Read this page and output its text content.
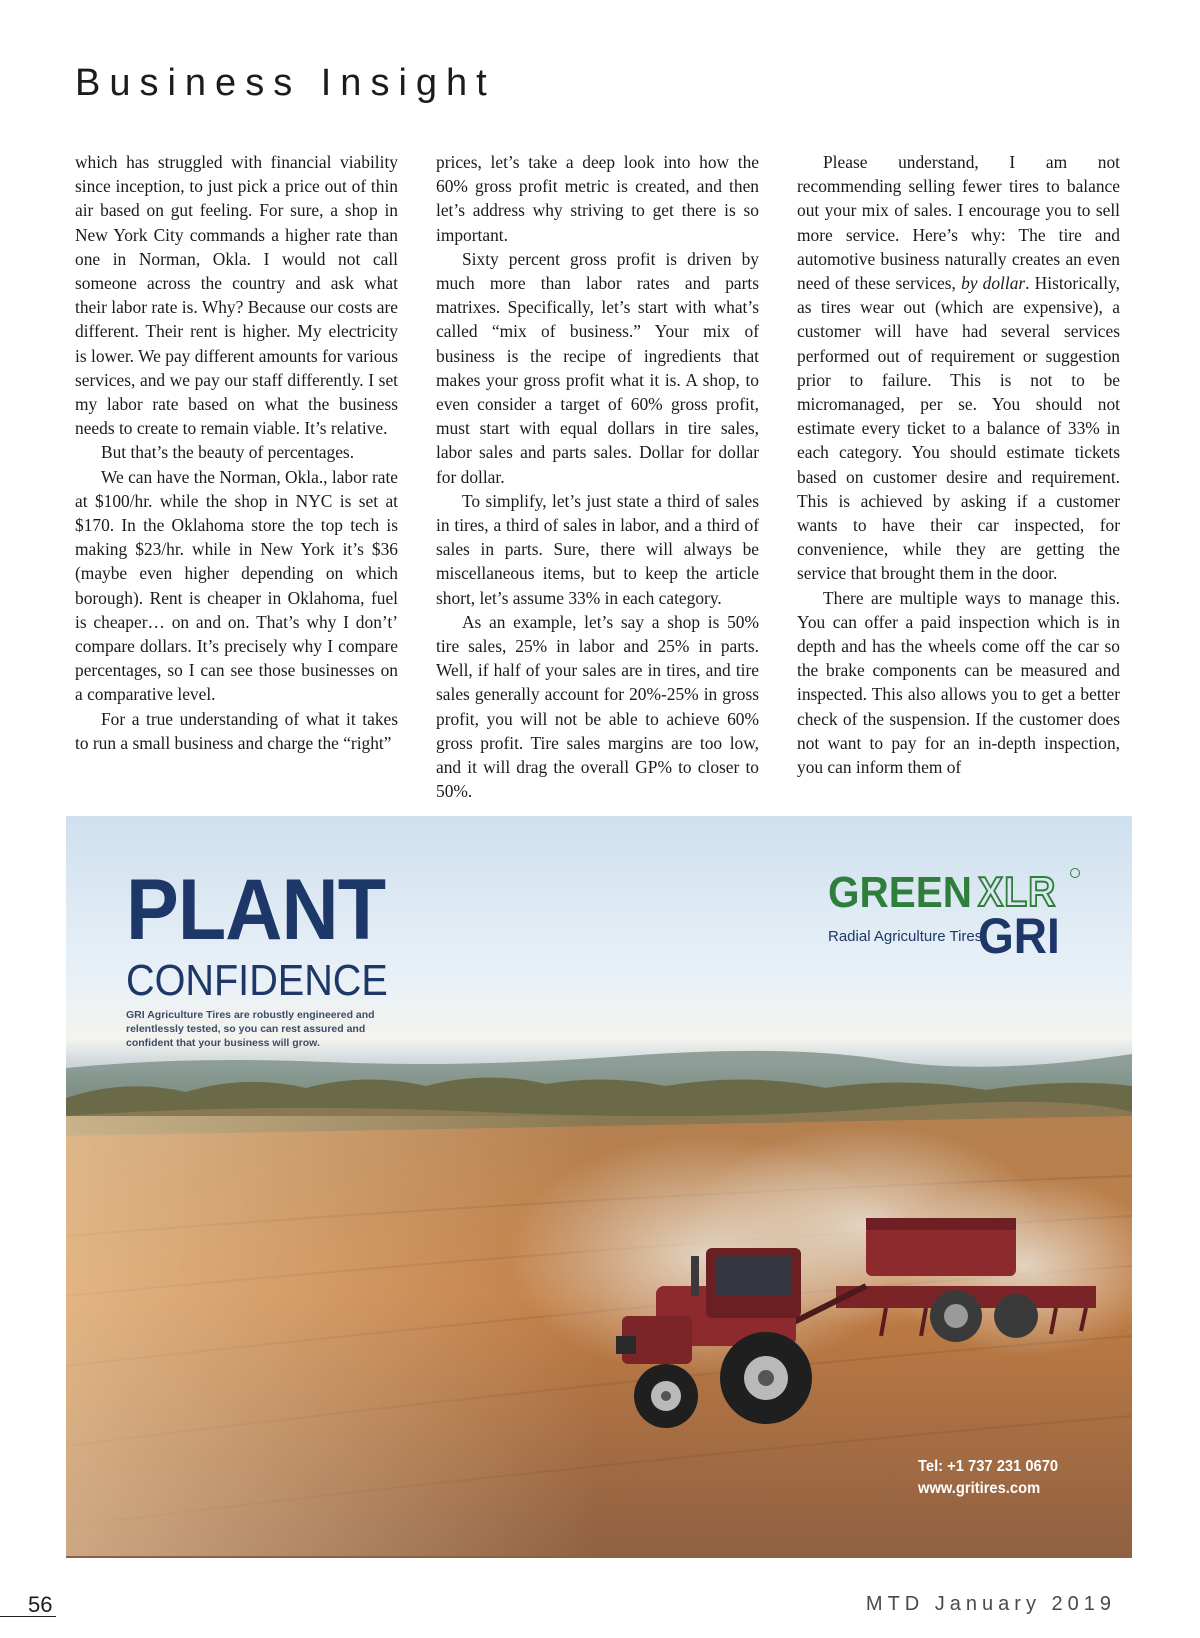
Business Insight

which has struggled with financial viability since inception, to just pick a price out of thin air based on gut feeling. For sure, a shop in New York City commands a higher rate than one in Norman, Okla. I would not call someone across the country and ask what their labor rate is. Why? Because our costs are different. Their rent is higher. My electricity is lower. We pay different amounts for various services, and we pay our staff differently. I set my labor rate based on what the business needs to create to remain viable. It’s relative.

But that’s the beauty of percentages.

We can have the Norman, Okla., labor rate at $100/hr. while the shop in NYC is set at $170. In the Oklahoma store the top tech is making $23/hr. while in New York it’s $36 (maybe even higher depending on which borough). Rent is cheaper in Oklahoma, fuel is cheaper… on and on. That’s why I don’t’ compare dollars. It’s precisely why I compare percentages, so I can see those businesses on a comparative level.

For a true understanding of what it takes to run a small business and charge the “right”

prices, let’s take a deep look into how the 60% gross profit metric is created, and then let’s address why striving to get there is so important.

Sixty percent gross profit is driven by much more than labor rates and parts matrixes. Specifically, let’s start with what’s called “mix of business.” Your mix of business is the recipe of ingredients that makes your gross profit what it is. A shop, to even consider a target of 60% gross profit, must start with equal dollars in tire sales, labor sales and parts sales. Dollar for dollar for dollar.

To simplify, let’s just state a third of sales in tires, a third of sales in labor, and a third of sales in parts. Sure, there will always be miscellaneous items, but to keep the article short, let’s assume 33% in each category.

As an example, let’s say a shop is 50% tire sales, 25% in labor and 25% in parts. Well, if half of your sales are in tires, and tire sales generally account for 20%-25% in gross profit, you will not be able to achieve 60% gross profit. Tire sales margins are too low, and it will drag the overall GP% to closer to 50%.

Please understand, I am not recommending selling fewer tires to balance out your mix of sales. I encourage you to sell more service. Here’s why: The tire and automotive business naturally creates an even need of these services, by dollar. Historically, as tires wear out (which are expensive), a customer will have had several services performed out of requirement or suggestion prior to failure. This is not to be micromanaged, per se. You should not estimate every ticket to a balance of 33% in each category. You should estimate tickets based on customer desire and requirement. This is achieved by asking if a customer wants to have their car inspected, for convenience, while they are getting the service that brought them in the door.

There are multiple ways to manage this. You can offer a paid inspection which is in depth and has the wheels come off the car so the brake components can be measured and inspected. This also allows you to get a better check of the suspension. If the customer does not want to pay for an in-depth inspection, you can inform them of

PLANT
CONFIDENCE
GRI Agriculture Tires are robustly engineered and relentlessly tested, so you can rest assured and confident that your business will grow.
GREEN XLR
Radial Agriculture Tires
GRI
Tel: +1 737 231 0670
www.gritires.com
56	MTD January 2019
